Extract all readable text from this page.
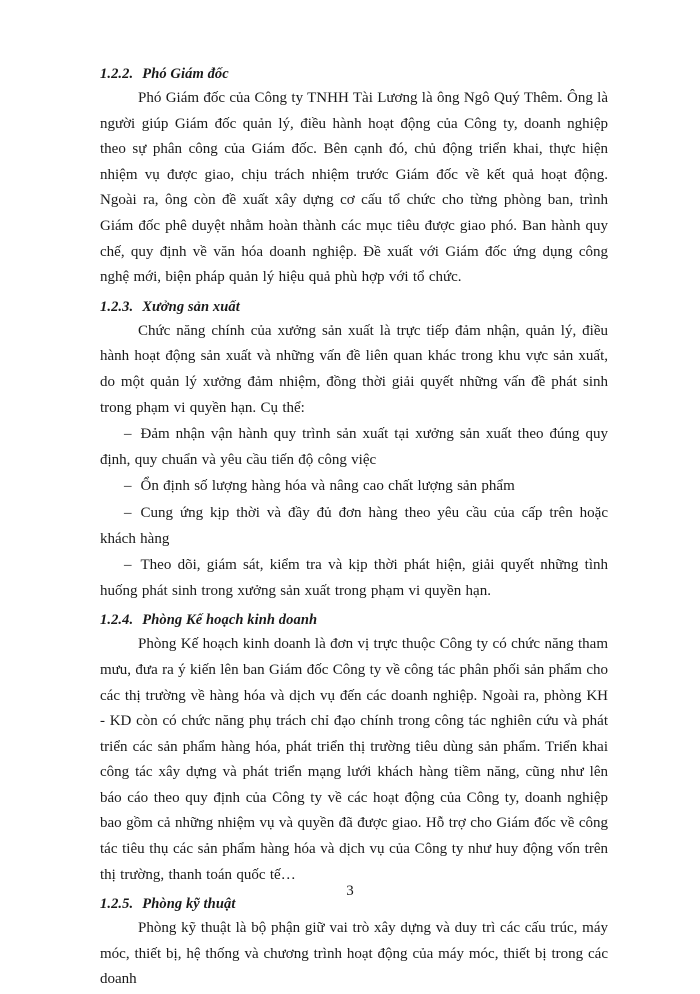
1.2.2. Phó Giám đốc

Phó Giám đốc của Công ty TNHH Tài Lương là ông Ngô Quý Thêm. Ông là người giúp Giám đốc quản lý, điều hành hoạt động của Công ty, doanh nghiệp theo sự phân công của Giám đốc. Bên cạnh đó, chủ động triển khai, thực hiện nhiệm vụ được giao, chịu trách nhiệm trước Giám đốc về kết quả hoạt động. Ngoài ra, ông còn đề xuất xây dựng cơ cấu tổ chức cho từng phòng ban, trình Giám đốc phê duyệt nhằm hoàn thành các mục tiêu được giao phó. Ban hành quy chế, quy định về văn hóa doanh nghiệp. Đề xuất với Giám đốc ứng dụng công nghệ mới, biện pháp quản lý hiệu quả phù hợp với tổ chức.

1.2.3. Xưởng sản xuất

Chức năng chính của xưởng sản xuất là trực tiếp đảm nhận, quản lý, điều hành hoạt động sản xuất và những vấn đề liên quan khác trong khu vực sản xuất, do một quản lý xưởng đảm nhiệm, đồng thời giải quyết những vấn đề phát sinh trong phạm vi quyền hạn. Cụ thể:

– Đảm nhận vận hành quy trình sản xuất tại xưởng sản xuất theo đúng quy định, quy chuẩn và yêu cầu tiến độ công việc

– Ổn định số lượng hàng hóa và nâng cao chất lượng sản phẩm

– Cung ứng kịp thời và đầy đủ đơn hàng theo yêu cầu của cấp trên hoặc khách hàng

– Theo dõi, giám sát, kiểm tra và kịp thời phát hiện, giải quyết những tình huống phát sinh trong xưởng sản xuất trong phạm vi quyền hạn.

1.2.4. Phòng Kế hoạch kinh doanh

Phòng Kế hoạch kinh doanh là đơn vị trực thuộc Công ty có chức năng tham mưu, đưa ra ý kiến lên ban Giám đốc Công ty về công tác phân phối sản phẩm cho các thị trường về hàng hóa và dịch vụ đến các doanh nghiệp. Ngoài ra, phòng KH - KD còn có chức năng phụ trách chỉ đạo chính trong công tác nghiên cứu và phát triển các sản phẩm hàng hóa, phát triển thị trường tiêu dùng sản phẩm. Triển khai công tác xây dựng và phát triển mạng lưới khách hàng tiềm năng, cũng như lên báo cáo theo quy định của Công ty về các hoạt động của Công ty, doanh nghiệp bao gồm cả những nhiệm vụ và quyền đã được giao. Hỗ trợ cho Giám đốc về công tác tiêu thụ các sản phẩm hàng hóa và dịch vụ của Công ty như huy động vốn trên thị trường, thanh toán quốc tế…

1.2.5. Phòng kỹ thuật

Phòng kỹ thuật là bộ phận giữ vai trò xây dựng và duy trì các cấu trúc, máy móc, thiết bị, hệ thống và chương trình hoạt động của máy móc, thiết bị trong các doanh

3
